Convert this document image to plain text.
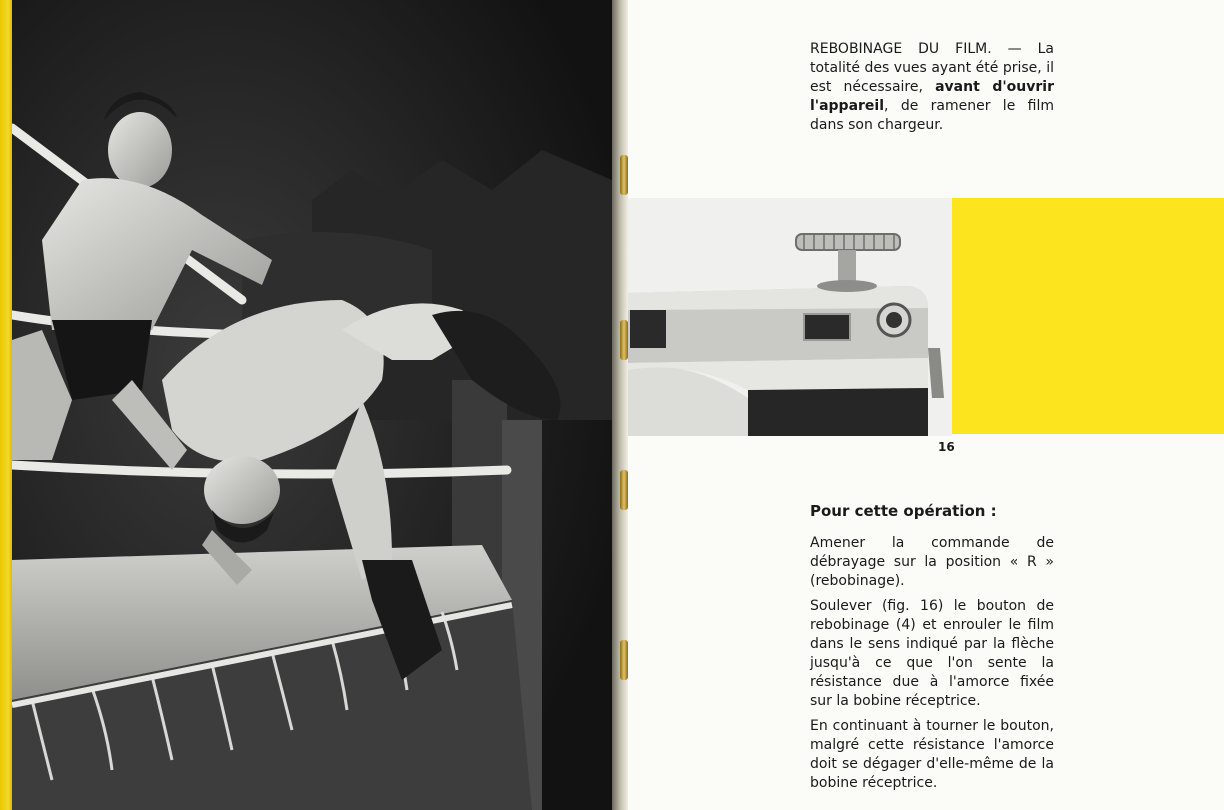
REBOBINAGE DU FILM. — La totalité des vues ayant été prise, il est nécessaire, avant d'ouvrir l'appareil, de ramener le film dans son chargeur.
16
Pour cette opération :

Amener la commande de débrayage sur la position « R » (rebobinage).

Soulever (fig. 16) le bouton de rebobinage (4) et enrouler le film dans le sens indiqué par la flèche jusqu'à ce que l'on sente la résistance due à l'amorce fixée sur la bobine réceptrice.

En continuant à tourner le bouton, malgré cette résistance l'amorce doit se dégager d'elle-même de la bobine réceptrice.
